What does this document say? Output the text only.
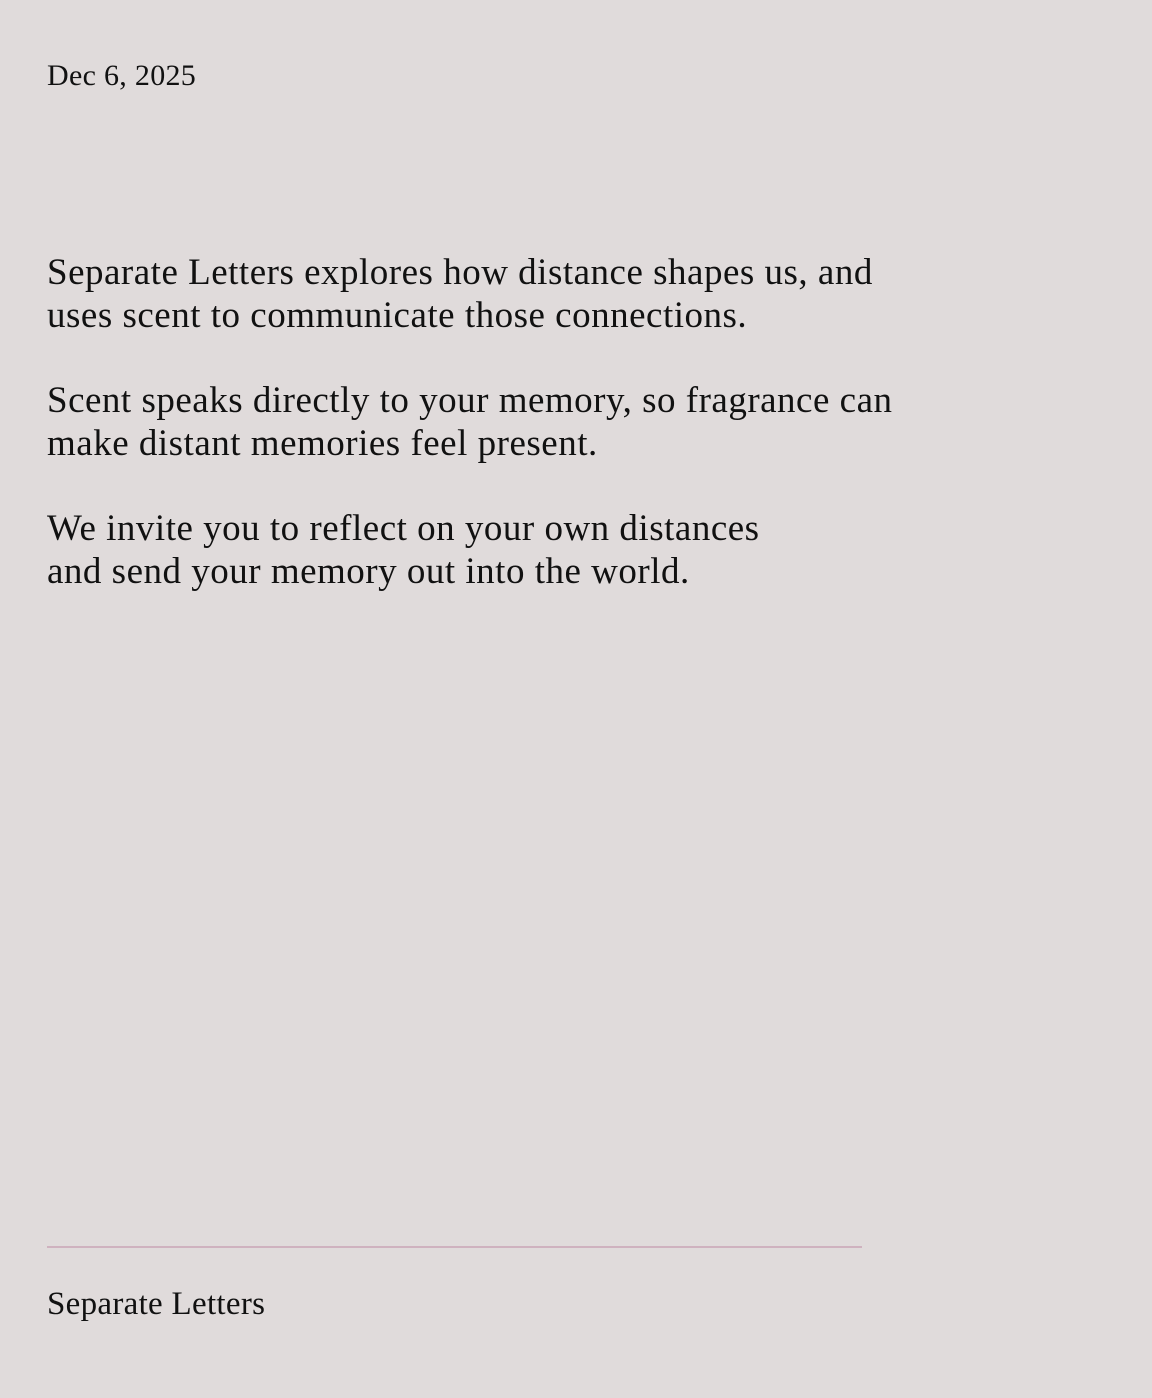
Dec 6, 2025

Separate Letters explores how distance shapes us, and
uses scent to communicate those connections.

Scent speaks directly to your memory, so fragrance can
make distant memories feel present.

We invite you to reflect on your own distances
and send your memory out into the world.

Separate Letters
